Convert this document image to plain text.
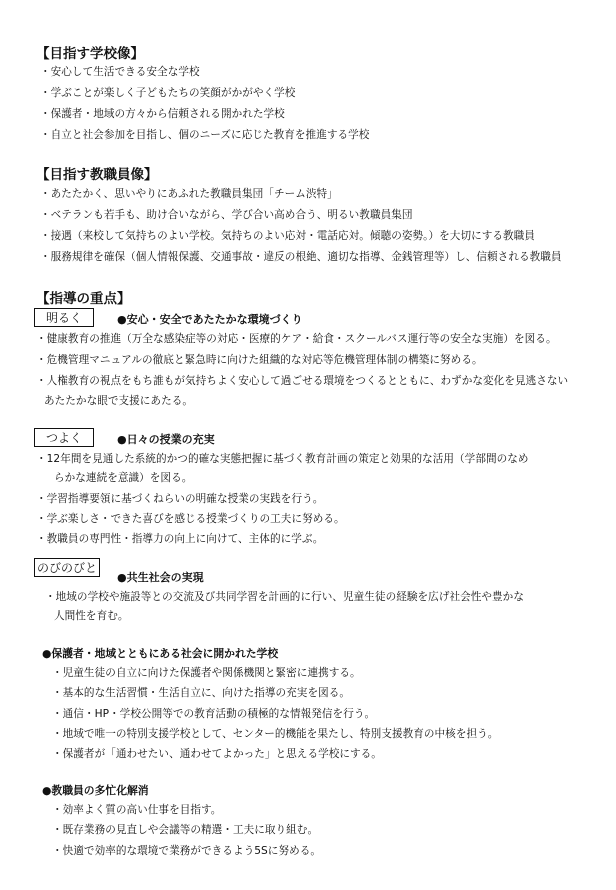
【目指す学校像】
・安心して生活できる安全な学校
・学ぶことが楽しく子どもたちの笑顔がかがやく学校
・保護者・地域の方々から信頼される開かれた学校
・自立と社会参加を目指し、個のニーズに応じた教育を推進する学校
【目指す教職員像】
・あたたかく、思いやりにあふれた教職員集団「チーム渋特」
・ベテランも若手も、助け合いながら、学び合い高め合う、明るい教職員集団
・接遇（来校して気持ちのよい学校。気持ちのよい応対・電話応対。傾聴の姿勢。）を大切にする教職員
・服務規律を確保（個人情報保護、交通事故・違反の根絶、適切な指導、金銭管理等）し、信頼される教職員
【指導の重点】
明るく	●安心・安全であたたかな環境づくり
・健康教育の推進（万全な感染症等の対応・医療的ケア・給食・スクールバス運行等の安全な実施）を図る。
・危機管理マニュアルの徹底と緊急時に向けた組織的な対応等危機管理体制の構築に努める。
・人権教育の視点をもち誰もが気持ちよく安心して過ごせる環境をつくるとともに、わずかな変化を見逃さない
あたたかな眼で支援にあたる。
つよく	●日々の授業の充実
・12年間を見通した系統的かつ的確な実態把握に基づく教育計画の策定と効果的な活用（学部間のなめ
らかな連続を意識）を図る。
・学習指導要領に基づくねらいの明確な授業の実践を行う。
・学ぶ楽しさ・できた喜びを感じる授業づくりの工夫に努める。
・教職員の専門性・指導力の向上に向けて、主体的に学ぶ。
のびのびと
●共生社会の実現
・地域の学校や施設等との交流及び共同学習を計画的に行い、児童生徒の経験を広げ社会性や豊かな
人間性を育む。
●保護者・地域とともにある社会に開かれた学校
・児童生徒の自立に向けた保護者や関係機関と緊密に連携する。
・基本的な生活習慣・生活自立に、向けた指導の充実を図る。
・通信・HP・学校公開等での教育活動の積極的な情報発信を行う。
・地域で唯一の特別支援学校として、センター的機能を果たし、特別支援教育の中核を担う。
・保護者が「通わせたい、通わせてよかった」と思える学校にする。
●教職員の多忙化解消
・効率よく質の高い仕事を目指す。
・既存業務の見直しや会議等の精選・工夫に取り組む。
・快適で効率的な環境で業務ができるよう5Sに努める。
